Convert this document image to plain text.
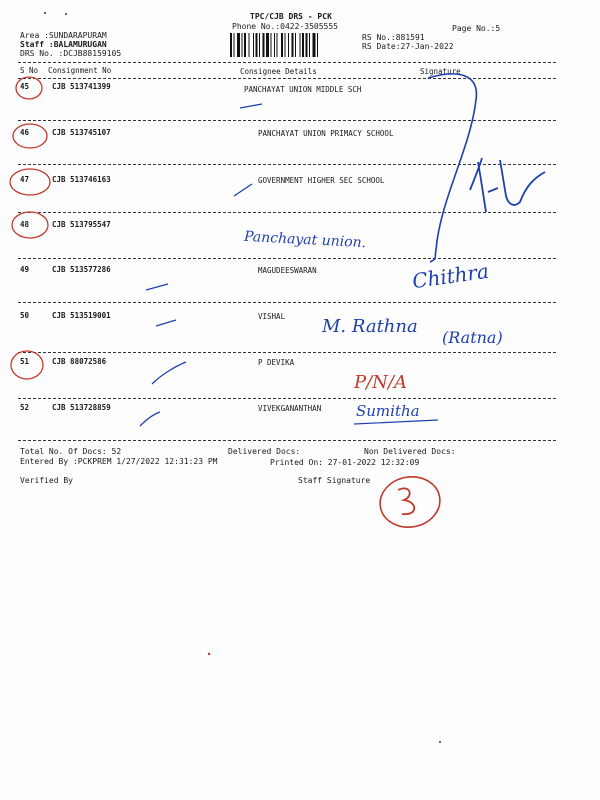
TPC/CJB DRS - PCK
Phone No.:0422-3505555	Page No.:5
Area :SUNDARAPURAM
Staff :BALAMURUGAN
DRS No. :DCJB88159105
RS No.:881591
RS Date:27-Jan-2022
S No Consignment No	Consignee Details	Signature
45	CJB 513741399	PANCHAYAT UNION MIDDLE SCH
46	CJB 513745107	PANCHAYAT UNION PRIMACY SCHOOL
47	CJB 513746163	GOVERNMENT HIGHER SEC SCHOOL
48	CJB 513795547
49	CJB 513577286	MAGUDEESWARAN
50	CJB 513519001	VISHAL
51	CJB 88072586	P DEVIKA
52	CJB 513728859	VIVEKGANANTHAN
Total No. Of Docs: 52	Delivered Docs:	Non Delivered Docs:
Entered By :PCKPREM 1/27/2022 12:31:23 PM	Printed On: 27-01-2022 12:32:09
Verified By	Staff Signature
Panchayat union.
Chithra
M. Rathna
(Ratna)
P/N/A
Sumitha
